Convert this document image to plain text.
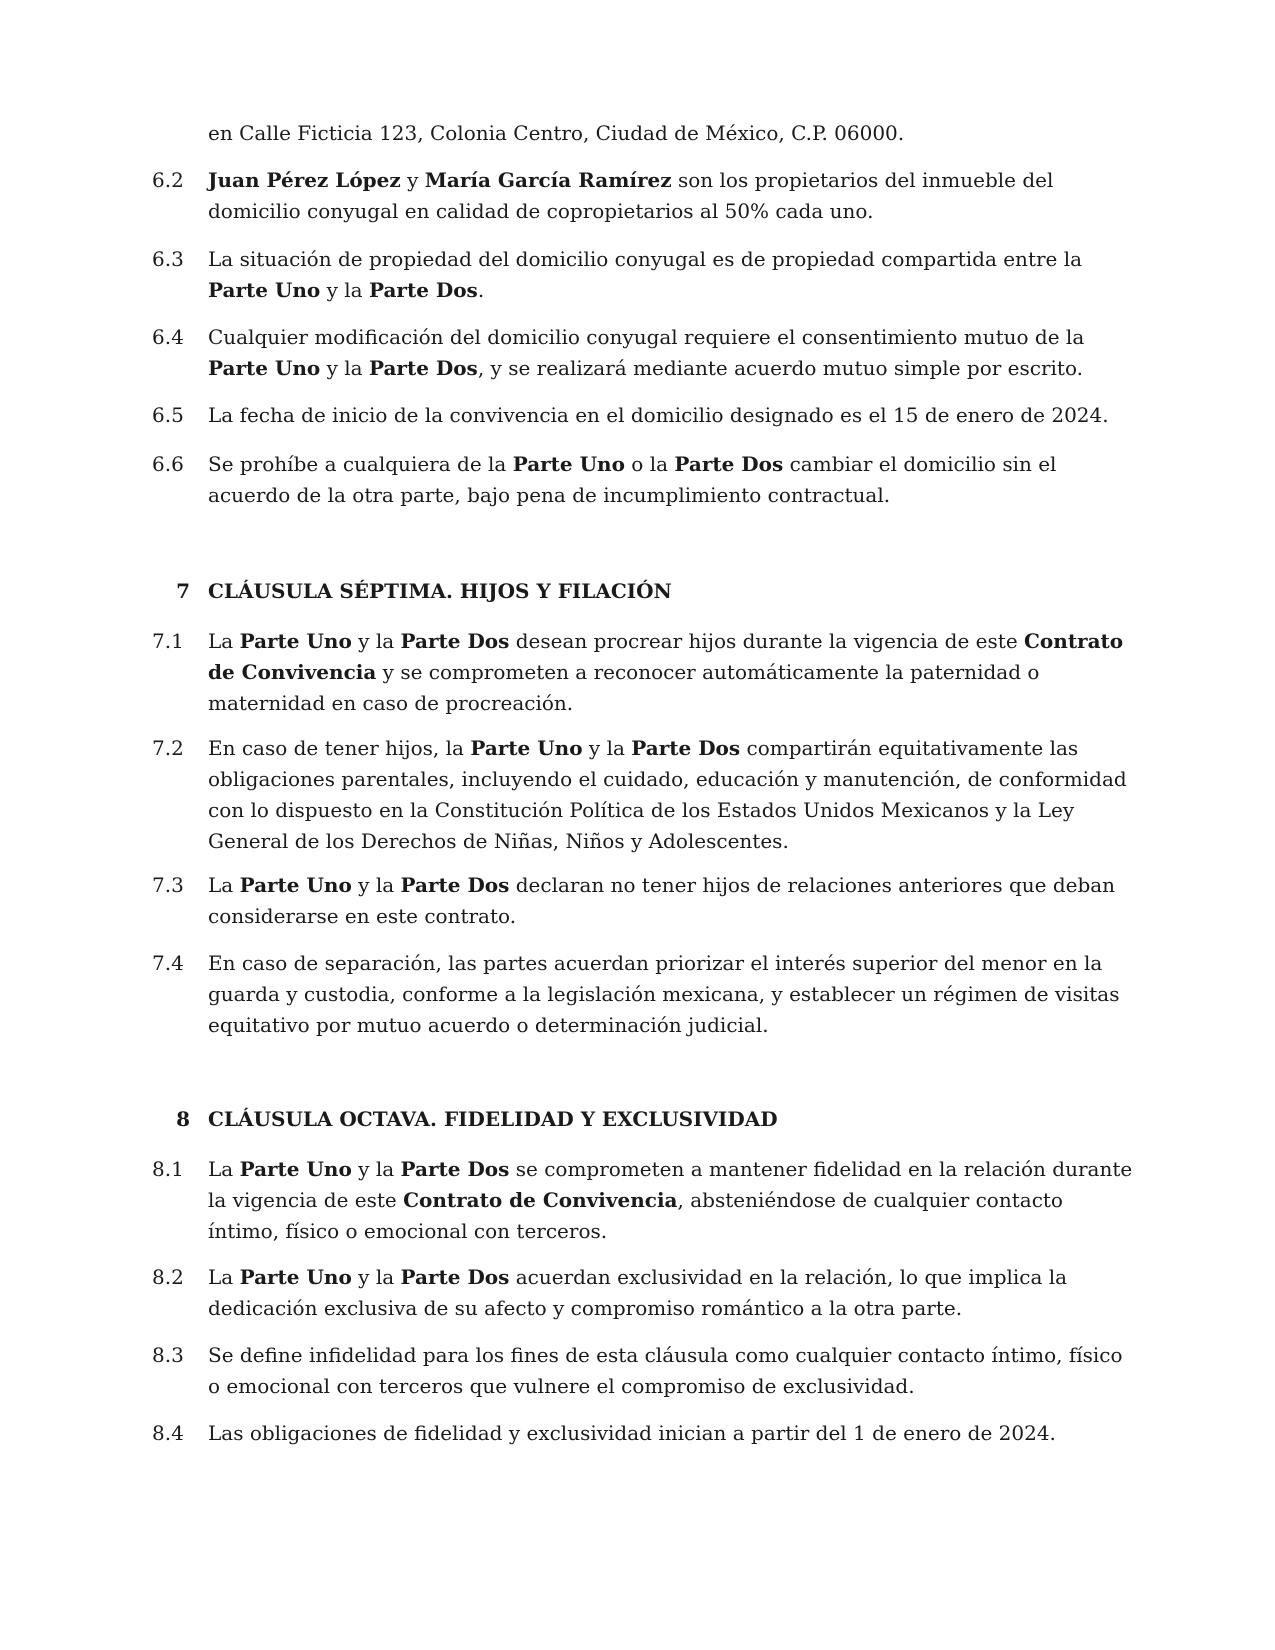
en Calle Ficticia 123, Colonia Centro, Ciudad de México, C.P. 06000.

6.2	Juan Pérez López y María García Ramírez son los propietarios del inmueble del domicilio conyugal en calidad de copropietarios al 50% cada uno.

6.3	La situación de propiedad del domicilio conyugal es de propiedad compartida entre la Parte Uno y la Parte Dos.

6.4	Cualquier modificación del domicilio conyugal requiere el consentimiento mutuo de la Parte Uno y la Parte Dos, y se realizará mediante acuerdo mutuo simple por escrito.

6.5	La fecha de inicio de la convivencia en el domicilio designado es el 15 de enero de 2024.

6.6	Se prohíbe a cualquiera de la Parte Uno o la Parte Dos cambiar el domicilio sin el acuerdo de la otra parte, bajo pena de incumplimiento contractual.

7 CLÁUSULA SÉPTIMA. HIJOS Y FILACIÓN

7.1	La Parte Uno y la Parte Dos desean procrear hijos durante la vigencia de este Contrato de Convivencia y se comprometen a reconocer automáticamente la paternidad o maternidad en caso de procreación.

7.2	En caso de tener hijos, la Parte Uno y la Parte Dos compartirán equitativamente las obligaciones parentales, incluyendo el cuidado, educación y manutención, de conformidad con lo dispuesto en la Constitución Política de los Estados Unidos Mexicanos y la Ley General de los Derechos de Niñas, Niños y Adolescentes.

7.3	La Parte Uno y la Parte Dos declaran no tener hijos de relaciones anteriores que deban considerarse en este contrato.

7.4	En caso de separación, las partes acuerdan priorizar el interés superior del menor en la guarda y custodia, conforme a la legislación mexicana, y establecer un régimen de visitas equitativo por mutuo acuerdo o determinación judicial.

8 CLÁUSULA OCTAVA. FIDELIDAD Y EXCLUSIVIDAD

8.1	La Parte Uno y la Parte Dos se comprometen a mantener fidelidad en la relación durante la vigencia de este Contrato de Convivencia, absteniéndose de cualquier contacto íntimo, físico o emocional con terceros.

8.2	La Parte Uno y la Parte Dos acuerdan exclusividad en la relación, lo que implica la dedicación exclusiva de su afecto y compromiso romántico a la otra parte.

8.3	Se define infidelidad para los fines de esta cláusula como cualquier contacto íntimo, físico o emocional con terceros que vulnere el compromiso de exclusividad.

8.4	Las obligaciones de fidelidad y exclusividad inician a partir del 1 de enero de 2024.
